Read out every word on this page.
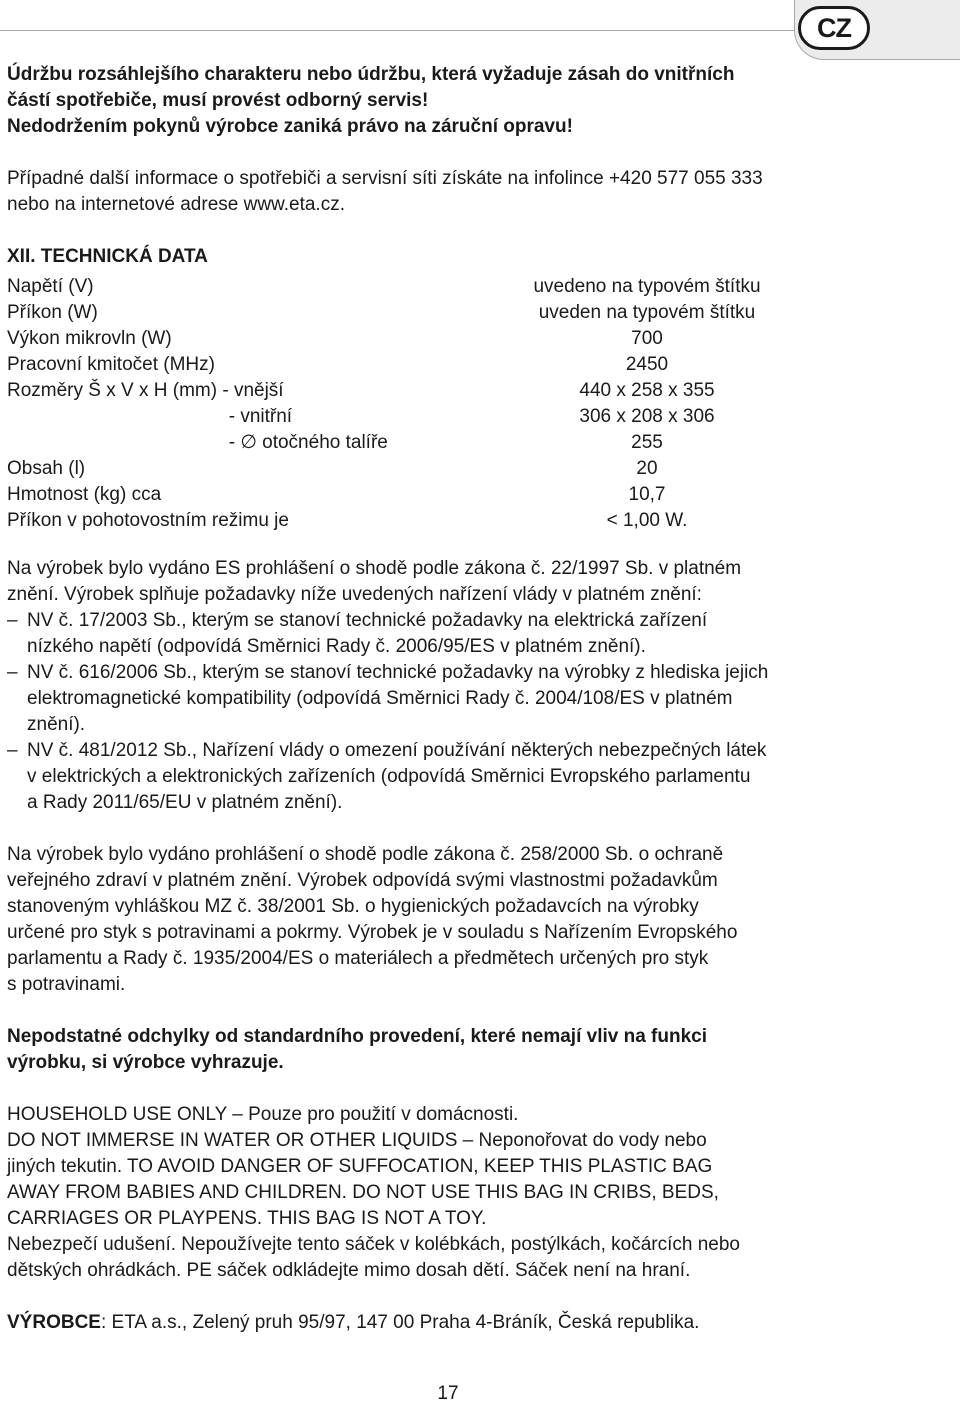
CZ

Údržbu rozsáhlejšího charakteru nebo údržbu, která vyžaduje zásah do vnitřních

částí spotřebiče, musí provést odborný servis!

Nedodržením pokynů výrobce zaniká právo na záruční opravu!

Případné další informace o spotřebiči a servisní síti získáte na infolince +420 577 055 333

nebo na internetové adrese www.eta.cz.

XII. TECHNICKÁ DATA

Napětí (V)	uvedeno na typovém štítku
Příkon (W)	uveden na typovém štítku
Výkon mikrovln (W)	700
Pracovní kmitočet (MHz)	2450
Rozměry Š x V x H (mm) - vnější	440 x 258 x 355
- vnitřní	306 x 208 x 306
- ∅ otočného talíře	255
Obsah (l)	20
Hmotnost (kg) cca	10,7
Příkon v pohotovostním režimu je	< 1,00 W.

Na výrobek bylo vydáno ES prohlášení o shodě podle zákona č. 22/1997 Sb. v platném

znění. Výrobek splňuje požadavky níže uvedených nařízení vlády v platném znění:

– NV č. 17/2003 Sb., kterým se stanoví technické požadavky na elektrická zařízení

nízkého napětí (odpovídá Směrnici Rady č. 2006/95/ES v platném znění).

– NV č. 616/2006 Sb., kterým se stanoví technické požadavky na výrobky z hlediska jejich

elektromagnetické kompatibility (odpovídá Směrnici Rady č. 2004/108/ES v platném

znění).

– NV č. 481/2012 Sb., Nařízení vlády o omezení používání některých nebezpečných látek

v elektrických a elektronických zařízeních (odpovídá Směrnici Evropského parlamentu

a Rady 2011/65/EU v platném znění).

Na výrobek bylo vydáno prohlášení o shodě podle zákona č. 258/2000 Sb. o ochraně

veřejného zdraví v platném znění. Výrobek odpovídá svými vlastnostmi požadavkům

stanoveným vyhláškou MZ č. 38/2001 Sb. o hygienických požadavcích na výrobky

určené pro styk s potravinami a pokrmy. Výrobek je v souladu s Nařízením Evropského

parlamentu a Rady č. 1935/2004/ES o materiálech a předmětech určených pro styk

s potravinami.

Nepodstatné odchylky od standardního provedení, které nemají vliv na funkci

výrobku, si výrobce vyhrazuje.

HOUSEHOLD USE ONLY – Pouze pro použití v domácnosti.

DO NOT IMMERSE IN WATER OR OTHER LIQUIDS – Neponořovat do vody nebo

jiných tekutin. TO AVOID DANGER OF SUFFOCATION, KEEP THIS PLASTIC BAG

AWAY FROM BABIES AND CHILDREN. DO NOT USE THIS BAG IN CRIBS, BEDS,

CARRIAGES OR PLAYPENS. THIS BAG IS NOT A TOY.

Nebezpečí udušení. Nepoužívejte tento sáček v kolébkách, postýlkách, kočárcích nebo

dětských ohrádkách. PE sáček odkládejte mimo dosah dětí. Sáček není na hraní.

VÝROBCE: ETA a.s., Zelený pruh 95/97, 147 00 Praha 4-Bráník, Česká republika.

17
